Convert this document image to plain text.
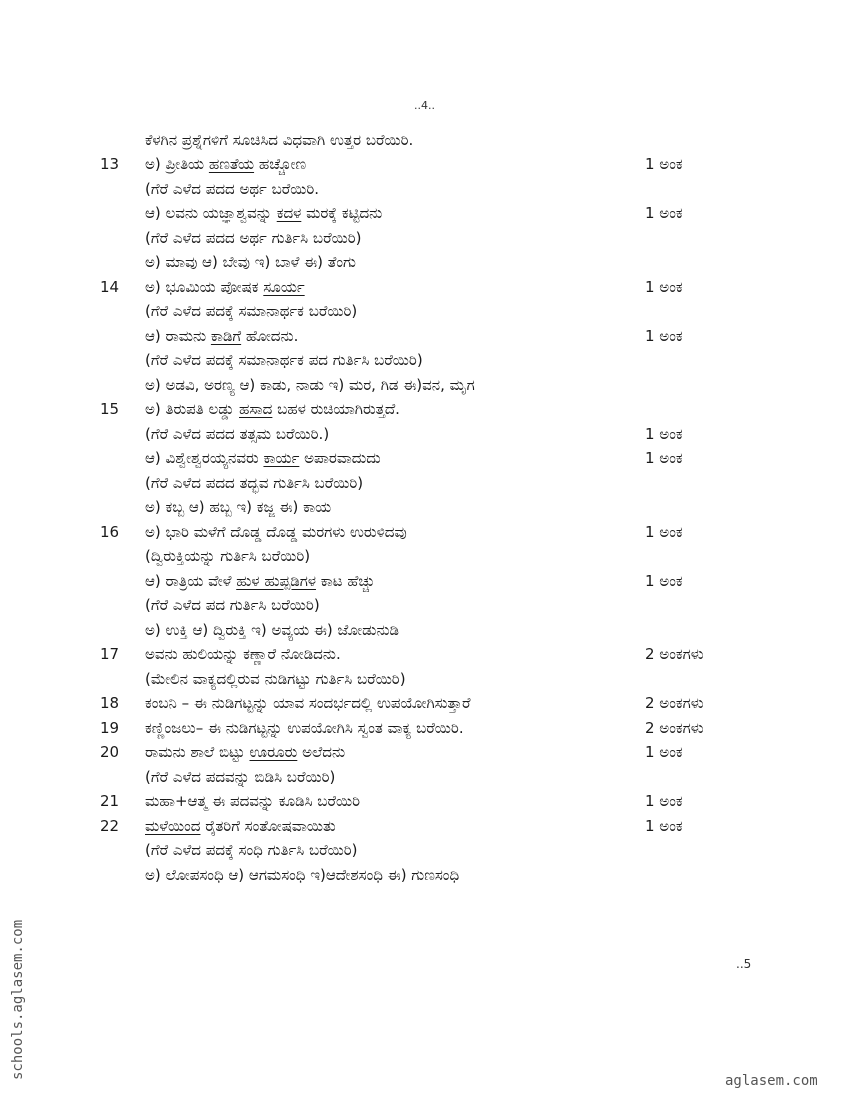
..4..
ಕೆಳಗಿನ ಪ್ರಶ್ನೆಗಳಿಗೆ ಸೂಚಿಸಿದ ವಿಧವಾಗಿ ಉತ್ತರ ಬರೆಯಿರಿ.
13	ಅ) ಪ್ರೀತಿಯ ಹಣತೆಯ ಹಚ್ಚೋಣ	1 ಅಂಕ
(ಗೆರೆ ಎಳೆದ ಪದದ ಅರ್ಥ ಬರೆಯಿರಿ.
ಆ) ಲವನು ಯಜ್ಞಾಶ್ವವನ್ನು ಕದಳ ಮರಕ್ಕೆ ಕಟ್ಟಿದನು	1 ಅಂಕ
(ಗೆರೆ ಎಳೆದ ಪದದ ಅರ್ಥ ಗುರ್ತಿಸಿ ಬರೆಯಿರಿ)
ಅ) ಮಾವು ಆ) ಬೇವು ಇ) ಬಾಳೆ ಈ) ತೆಂಗು
14	ಅ) ಭೂಮಿಯ ಪೋಷಕ ಸೂರ್ಯ	1 ಅಂಕ
(ಗೆರೆ ಎಳೆದ ಪದಕ್ಕೆ ಸಮಾನಾರ್ಥಕ ಬರೆಯಿರಿ)
ಆ) ರಾಮನು ಕಾಡಿಗೆ ಹೋದನು.	1 ಅಂಕ
(ಗೆರೆ ಎಳೆದ ಪದಕ್ಕೆ ಸಮಾನಾರ್ಥಕ ಪದ ಗುರ್ತಿಸಿ ಬರೆಯಿರಿ)
ಅ) ಅಡವಿ, ಅರಣ್ಯ ಆ) ಕಾಡು, ನಾಡು ಇ) ಮರ, ಗಿಡ ಈ)ವನ, ಮೃಗ
15	ಅ) ತಿರುಪತಿ ಲಡ್ಡು ಹಸಾದ ಬಹಳ ರುಚಿಯಾಗಿರುತ್ತದೆ.
(ಗೆರೆ ಎಳೆದ ಪದದ ತತ್ಸಮ ಬರೆಯಿರಿ.)	1 ಅಂಕ
ಆ) ವಿಶ್ವೇಶ್ವರಯ್ಯನವರು ಕಾರ್ಯ ಅಪಾರವಾದುದು	1 ಅಂಕ
(ಗೆರೆ ಎಳೆದ ಪದದ ತದ್ಭವ ಗುರ್ತಿಸಿ ಬರೆಯಿರಿ)
ಅ) ಕಬ್ಬ ಆ) ಹಬ್ಬ ಇ) ಕಜ್ಜ ಈ) ಕಾಯ
16	ಅ) ಭಾರಿ ಮಳೆಗೆ ದೊಡ್ಡ ದೊಡ್ಡ ಮರಗಳು ಉರುಳಿದವು	1 ಅಂಕ
(ದ್ವಿರುಕ್ತಿಯನ್ನು ಗುರ್ತಿಸಿ ಬರೆಯಿರಿ)
ಆ) ರಾತ್ರಿಯ ವೇಳೆ ಹುಳ ಹುಪ್ಪಡಿಗಳ ಕಾಟ ಹೆಚ್ಚು	1 ಅಂಕ
(ಗೆರೆ ಎಳೆದ ಪದ ಗುರ್ತಿಸಿ ಬರೆಯಿರಿ)
ಅ) ಉಕ್ತಿ ಆ) ದ್ವಿರುಕ್ತಿ ಇ) ಅವ್ಯಯ ಈ) ಜೋಡುನುಡಿ
17	ಅವನು ಹುಲಿಯನ್ನು ಕಣ್ಣಾರೆ ನೋಡಿದನು.	2 ಅಂಕಗಳು
(ಮೇಲಿನ ವಾಕ್ಯದಲ್ಲಿರುವ ನುಡಿಗಟ್ಟು ಗುರ್ತಿಸಿ ಬರೆಯಿರಿ)
18	ಕಂಬನಿ – ಈ ನುಡಿಗಟ್ಟನ್ನು ಯಾವ ಸಂದರ್ಭದಲ್ಲಿ ಉಪಯೋಗಿಸುತ್ತಾರೆ	2 ಅಂಕಗಳು
19	ಕಣ್ಣಿಂಜಲು– ಈ ನುಡಿಗಟ್ಟನ್ನು ಉಪಯೋಗಿಸಿ ಸ್ವಂತ ವಾಕ್ಯ ಬರೆಯಿರಿ.	2 ಅಂಕಗಳು
20	ರಾಮನು ಶಾಲೆ ಬಿಟ್ಟು ಊರೂರು ಅಲೆದನು	1 ಅಂಕ
(ಗೆರೆ ಎಳೆದ ಪದವನ್ನು ಬಿಡಿಸಿ ಬರೆಯಿರಿ)
21	ಮಹಾ+ಆತ್ಮ ಈ ಪದವನ್ನು ಕೂಡಿಸಿ ಬರೆಯಿರಿ	1 ಅಂಕ
22	ಮಳೆಯಿಂದ ರೈತರಿಗೆ ಸಂತೋಷವಾಯಿತು	1 ಅಂಕ
(ಗೆರೆ ಎಳೆದ ಪದಕ್ಕೆ ಸಂಧಿ ಗುರ್ತಿಸಿ ಬರೆಯಿರಿ)
ಅ) ಲೋಪಸಂಧಿ ಆ) ಆಗಮಸಂಧಿ ಇ)ಆದೇಶಸಂಧಿ ಈ) ಗುಣಸಂಧಿ
..5
schools.aglasem.com
aglasem.com
